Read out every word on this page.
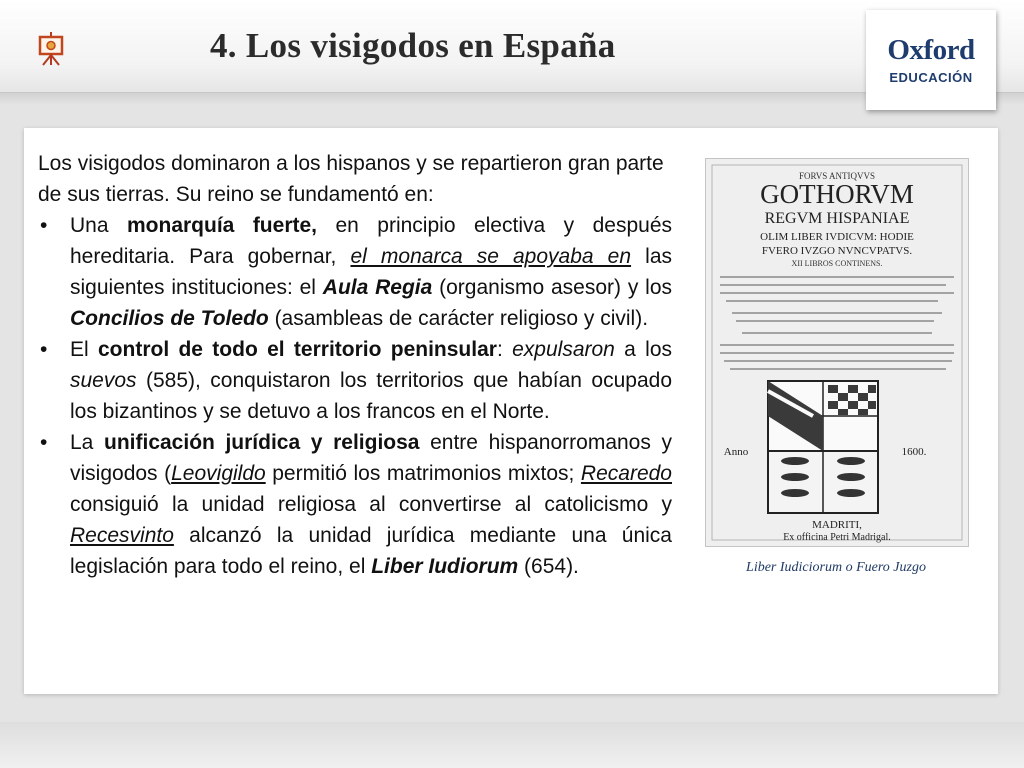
4. Los visigodos en España	Oxford
EDUCACIÓN

Los visigodos dominaron a los hispanos y se repartieron gran parte de sus tierras. Su reino se fundamentó en:

• Una monarquía fuerte, en principio electiva y después hereditaria. Para gobernar, el monarca se apoyaba en las siguientes instituciones: el Aula Regia (organismo asesor) y los Concilios de Toledo (asambleas de carácter religioso y civil).
• El control de todo el territorio peninsular: expulsaron a los suevos (585), conquistaron los territorios que habían ocupado los bizantinos y se detuvo a los francos en el Norte.
• La unificación jurídica y religiosa entre hispanorromanos y visigodos (Leovigildo permitió los matrimonios mixtos; Recaredo consiguió la unidad religiosa al convertirse al catolicismo y Recesvinto alcanzó la unidad jurídica mediante una única legislación para todo el reino, el Liber Iudiorum (654).
FORVS ANTIQVVS
GOTHORVM
REGVM HISPANIAE
OLIM LIBER IVDICVM: HODIE
FVERO IVZGO NVNCVPATVS.
XII LIBROS CONTINENS.
Anno	1600.
MADRITI,
Ex officina Petri Madrigal.
Liber Iudiciorum o Fuero Juzgo
